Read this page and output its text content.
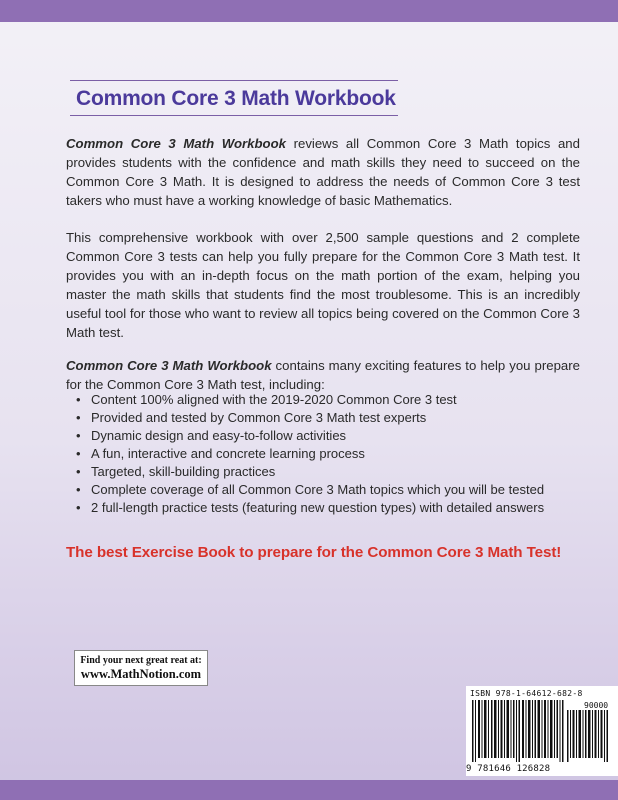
Common Core 3 Math Workbook

Common Core 3 Math Workbook reviews all Common Core 3 Math topics and provides students with the confidence and math skills they need to succeed on the Common Core 3 Math. It is designed to address the needs of Common Core 3 test takers who must have a working knowledge of basic Mathematics.

This comprehensive workbook with over 2,500 sample questions and 2 complete Common Core 3 tests can help you fully prepare for the Common Core 3 Math test. It provides you with an in-depth focus on the math portion of the exam, helping you master the math skills that students find the most troublesome. This is an incredibly useful tool for those who want to review all topics being covered on the Common Core 3 Math test.

Common Core 3 Math Workbook contains many exciting features to help you prepare for the Common Core 3 Math test, including:

• Content 100% aligned with the 2019-2020 Common Core 3 test
• Provided and tested by Common Core 3 Math test experts
• Dynamic design and easy-to-follow activities
• A fun, interactive and concrete learning process
• Targeted, skill-building practices
• Complete coverage of all Common Core 3 Math topics which you will be tested
• 2 full-length practice tests (featuring new question types) with detailed answers

The best Exercise Book to prepare for the Common Core 3 Math Test!

Find your next great reat at:
www.MathNotion.com
ISBN 978-1-64612-682-8
90000
9 781646 126828
